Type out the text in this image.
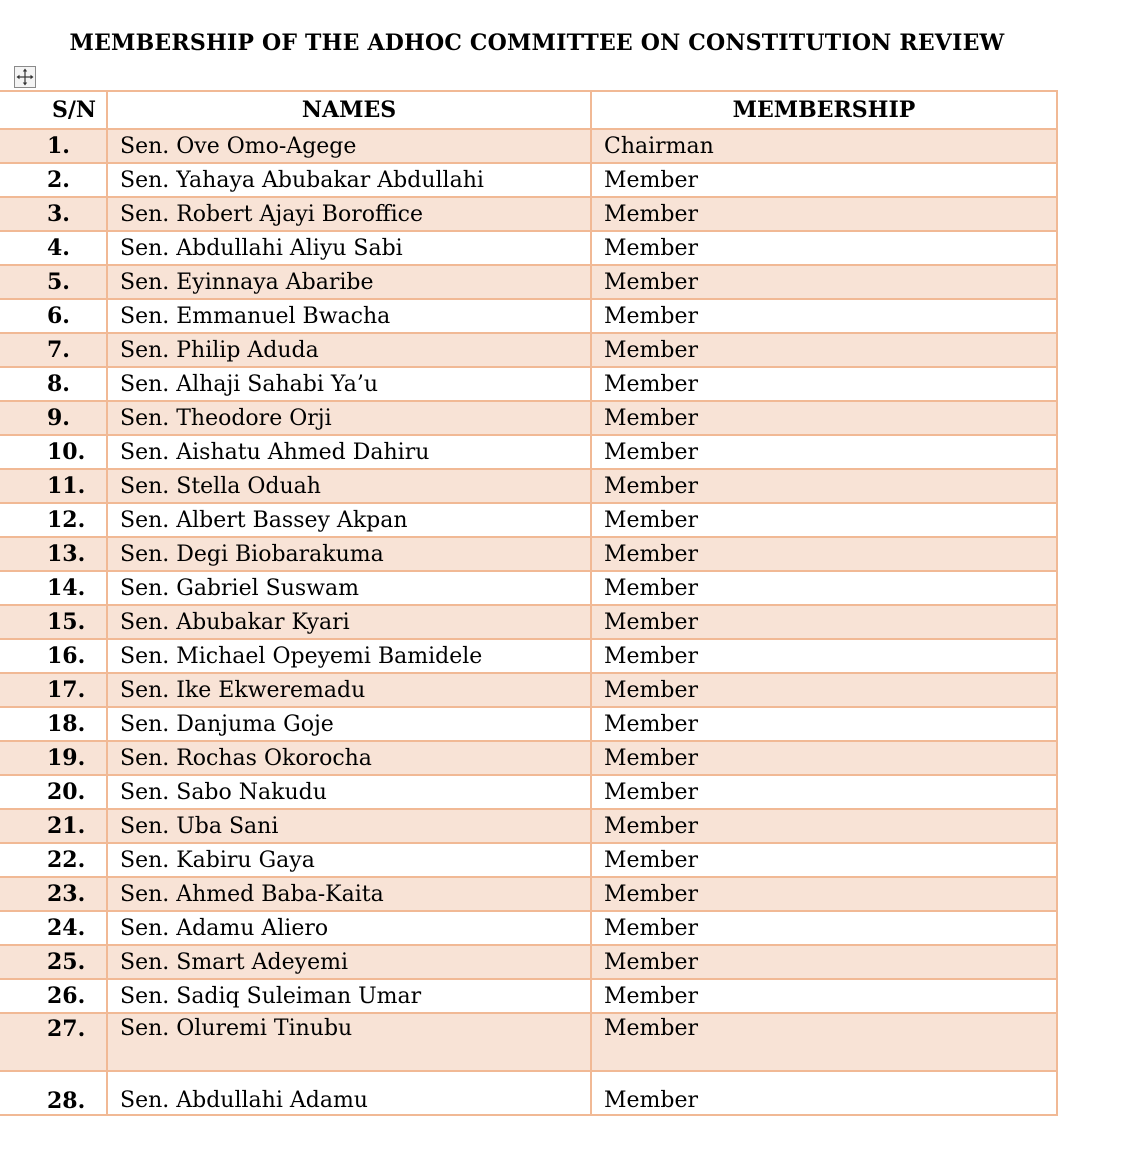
MEMBERSHIP OF THE ADHOC COMMITTEE ON CONSTITUTION REVIEW
S/N	NAMES	MEMBERSHIP
1.	Sen. Ove Omo-Agege	Chairman
2.	Sen. Yahaya Abubakar Abdullahi	Member
3.	Sen. Robert Ajayi Boroffice	Member
4.	Sen. Abdullahi Aliyu Sabi	Member
5.	Sen. Eyinnaya Abaribe	Member
6.	Sen. Emmanuel Bwacha	Member
7.	Sen. Philip Aduda	Member
8.	Sen. Alhaji Sahabi Ya’u	Member
9.	Sen. Theodore Orji	Member
10.	Sen. Aishatu Ahmed Dahiru	Member
11.	Sen. Stella Oduah	Member
12.	Sen. Albert Bassey Akpan	Member
13.	Sen. Degi Biobarakuma	Member
14.	Sen. Gabriel Suswam	Member
15.	Sen. Abubakar Kyari	Member
16.	Sen. Michael Opeyemi Bamidele	Member
17.	Sen. Ike Ekweremadu	Member
18.	Sen. Danjuma Goje	Member
19.	Sen. Rochas Okorocha	Member
20.	Sen. Sabo Nakudu	Member
21.	Sen. Uba Sani	Member
22.	Sen. Kabiru Gaya	Member
23.	Sen. Ahmed Baba-Kaita	Member
24.	Sen. Adamu Aliero	Member
25.	Sen. Smart Adeyemi	Member
26.	Sen. Sadiq Suleiman Umar	Member
27.	Sen. Oluremi Tinubu	Member
28.	Sen. Abdullahi Adamu	Member
